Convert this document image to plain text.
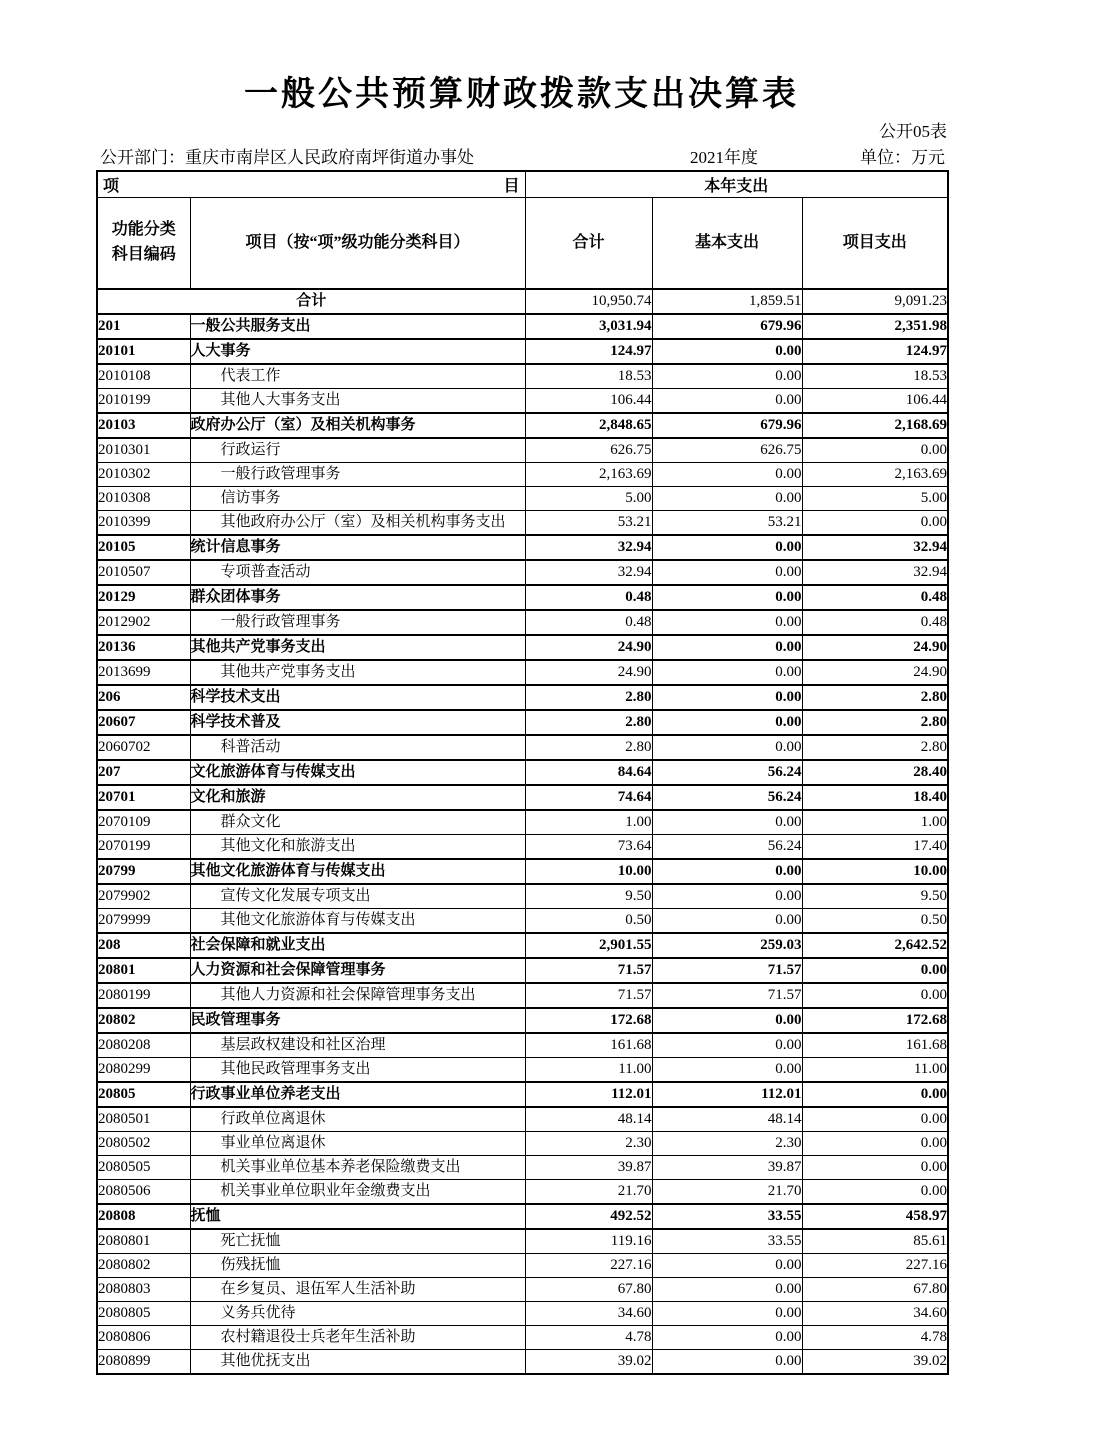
一般公共预算财政拨款支出决算表
公开05表
公开部门：重庆市南岸区人民政府南坪街道办事处	2021年度	单位：万元
项 目		本年支出		
功能分类科目编码	项目（按“项”级功能分类科目）	合计	基本支出	项目支出
合计		10,950.74	1,859.51	9,091.23
201	一般公共服务支出	3,031.94	679.96	2,351.98
20101	人大事务	124.97	0.00	124.97
2010108	代表工作	18.53	0.00	18.53
2010199	其他人大事务支出	106.44	0.00	106.44
20103	政府办公厅（室）及相关机构事务	2,848.65	679.96	2,168.69
2010301	行政运行	626.75	626.75	0.00
2010302	一般行政管理事务	2,163.69	0.00	2,163.69
2010308	信访事务	5.00	0.00	5.00
2010399	其他政府办公厅（室）及相关机构事务支出	53.21	53.21	0.00
20105	统计信息事务	32.94	0.00	32.94
2010507	专项普查活动	32.94	0.00	32.94
20129	群众团体事务	0.48	0.00	0.48
2012902	一般行政管理事务	0.48	0.00	0.48
20136	其他共产党事务支出	24.90	0.00	24.90
2013699	其他共产党事务支出	24.90	0.00	24.90
206	科学技术支出	2.80	0.00	2.80
20607	科学技术普及	2.80	0.00	2.80
2060702	科普活动	2.80	0.00	2.80
207	文化旅游体育与传媒支出	84.64	56.24	28.40
20701	文化和旅游	74.64	56.24	18.40
2070109	群众文化	1.00	0.00	1.00
2070199	其他文化和旅游支出	73.64	56.24	17.40
20799	其他文化旅游体育与传媒支出	10.00	0.00	10.00
2079902	宣传文化发展专项支出	9.50	0.00	9.50
2079999	其他文化旅游体育与传媒支出	0.50	0.00	0.50
208	社会保障和就业支出	2,901.55	259.03	2,642.52
20801	人力资源和社会保障管理事务	71.57	71.57	0.00
2080199	其他人力资源和社会保障管理事务支出	71.57	71.57	0.00
20802	民政管理事务	172.68	0.00	172.68
2080208	基层政权建设和社区治理	161.68	0.00	161.68
2080299	其他民政管理事务支出	11.00	0.00	11.00
20805	行政事业单位养老支出	112.01	112.01	0.00
2080501	行政单位离退休	48.14	48.14	0.00
2080502	事业单位离退休	2.30	2.30	0.00
2080505	机关事业单位基本养老保险缴费支出	39.87	39.87	0.00
2080506	机关事业单位职业年金缴费支出	21.70	21.70	0.00
20808	抚恤	492.52	33.55	458.97
2080801	死亡抚恤	119.16	33.55	85.61
2080802	伤残抚恤	227.16	0.00	227.16
2080803	在乡复员、退伍军人生活补助	67.80	0.00	67.80
2080805	义务兵优待	34.60	0.00	34.60
2080806	农村籍退役士兵老年生活补助	4.78	0.00	4.78
2080899	其他优抚支出	39.02	0.00	39.02
